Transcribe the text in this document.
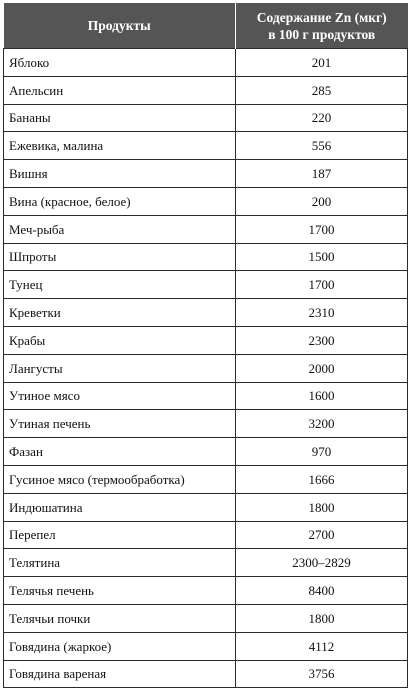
Продукты	Содержание Zn (мкг)
в 100 г продуктов
Яблоко	201
Апельсин	285
Бананы	220
Ежевика, малина	556
Вишня	187
Вина (красное, белое)	200
Меч-рыба	1700
Шпроты	1500
Тунец	1700
Креветки	2310
Крабы	2300
Лангусты	2000
Утиное мясо	1600
Утиная печень	3200
Фазан	970
Гусиное мясо (термообработка)	1666
Индюшатина	1800
Перепел	2700
Телятина	2300–2829
Телячья печень	8400
Телячьи почки	1800
Говядина (жаркое)	4112
Говядина вареная	3756
